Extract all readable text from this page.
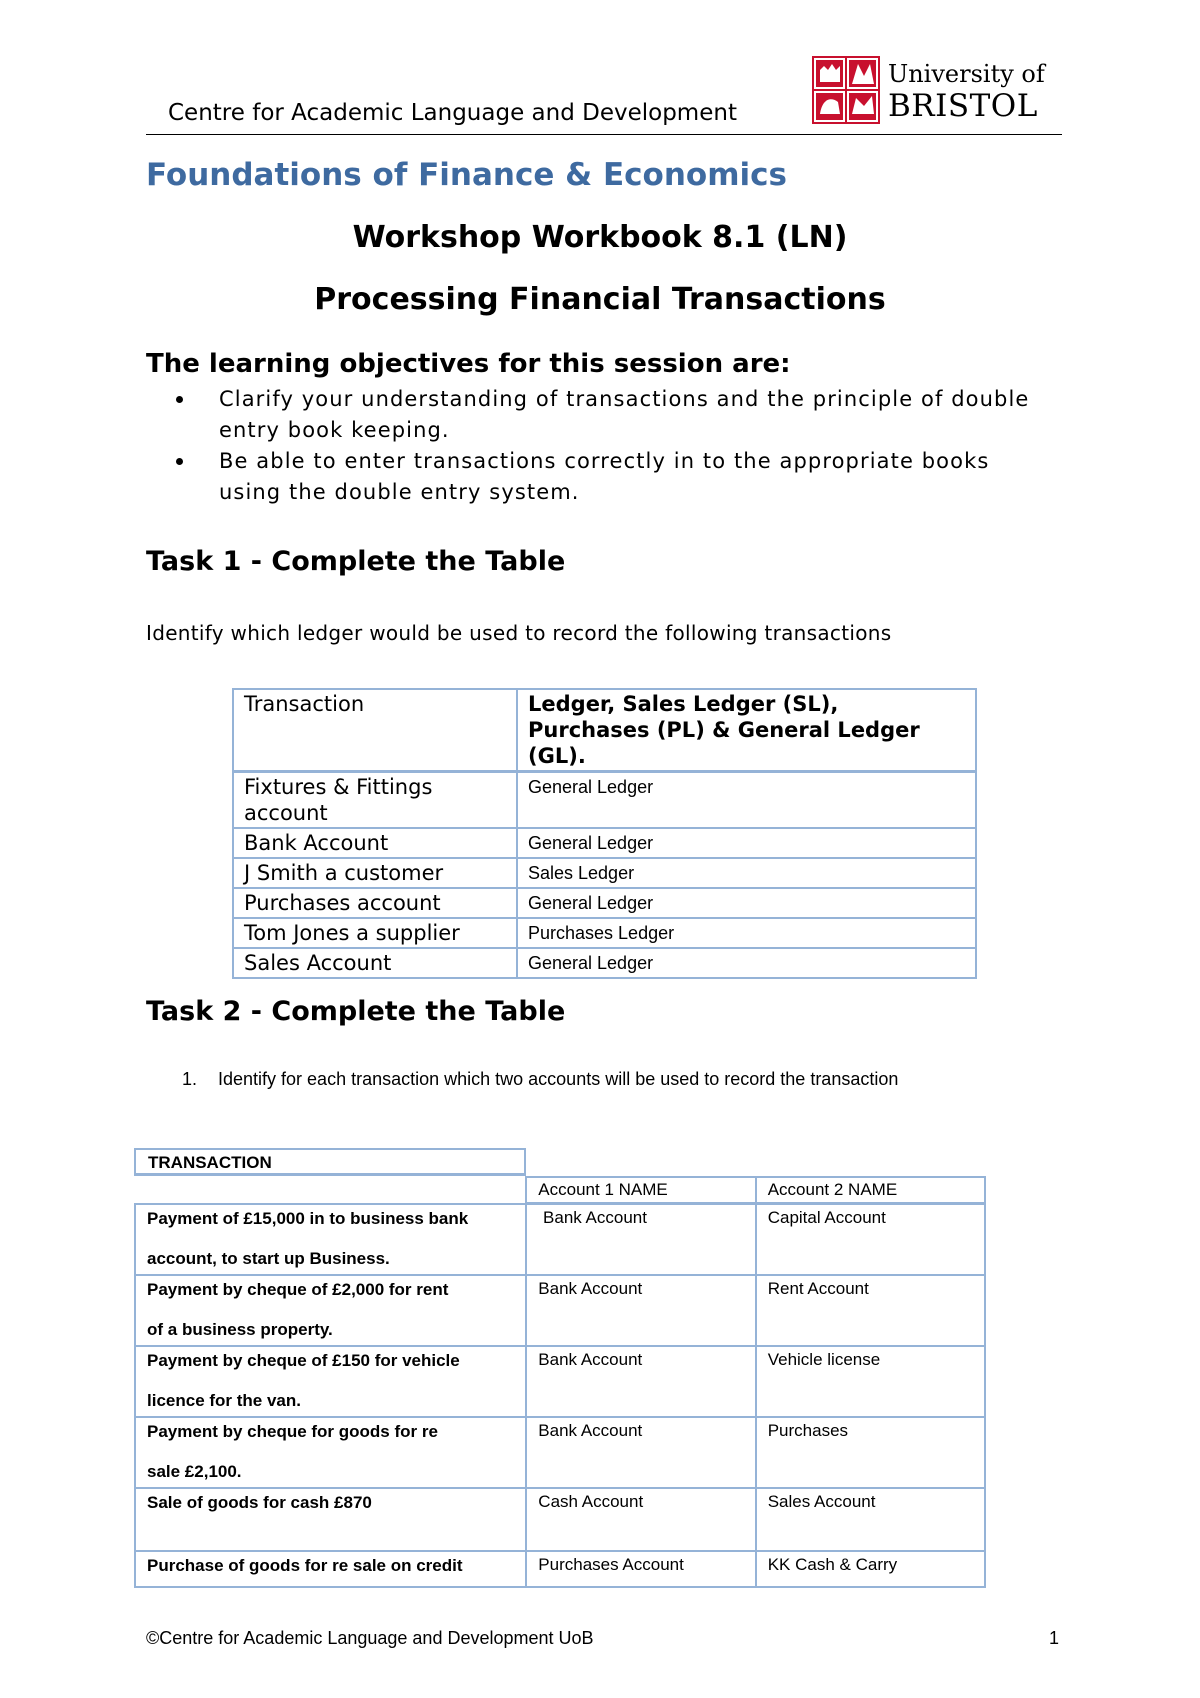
Centre for Academic Language and Development
University of
BRISTOL
Foundations of Finance & Economics
Workshop Workbook 8.1 (LN)
Processing Financial Transactions
The learning objectives for this session are:
Clarify your understanding of transactions and the principle of double entry book keeping.
Be able to enter transactions correctly in to the appropriate books using the double entry system.
Task 1 - Complete the Table
Identify which ledger would be used to record the following transactions
Transaction	Ledger, Sales Ledger (SL), Purchases (PL) & General Ledger (GL).
Fixtures & Fittings account	General Ledger
Bank Account	General Ledger
J Smith a customer	Sales Ledger
Purchases account	General Ledger
Tom Jones a supplier	Purchases Ledger
Sales Account	General Ledger
Task 2 - Complete the Table
1. Identify for each transaction which two accounts will be used to record the transaction
TRANSACTION
	Account 1 NAME	Account 2 NAME

Payment of £15,000 in to business bank
account, to start up Business.	Bank Account	Capital Account

Payment by cheque of £2,000 for rent
of a business property.	Bank Account	Rent Account

Payment by cheque of £150 for vehicle
licence for the van.	Bank Account	Vehicle license

Payment by cheque for goods for re
sale £2,100.	Bank Account	Purchases

Sale of goods for cash £870	Cash Account	Sales Account

Purchase of goods for re sale on credit	Purchases Account	KK Cash & Carry
©Centre for Academic Language and Development UoB	1
